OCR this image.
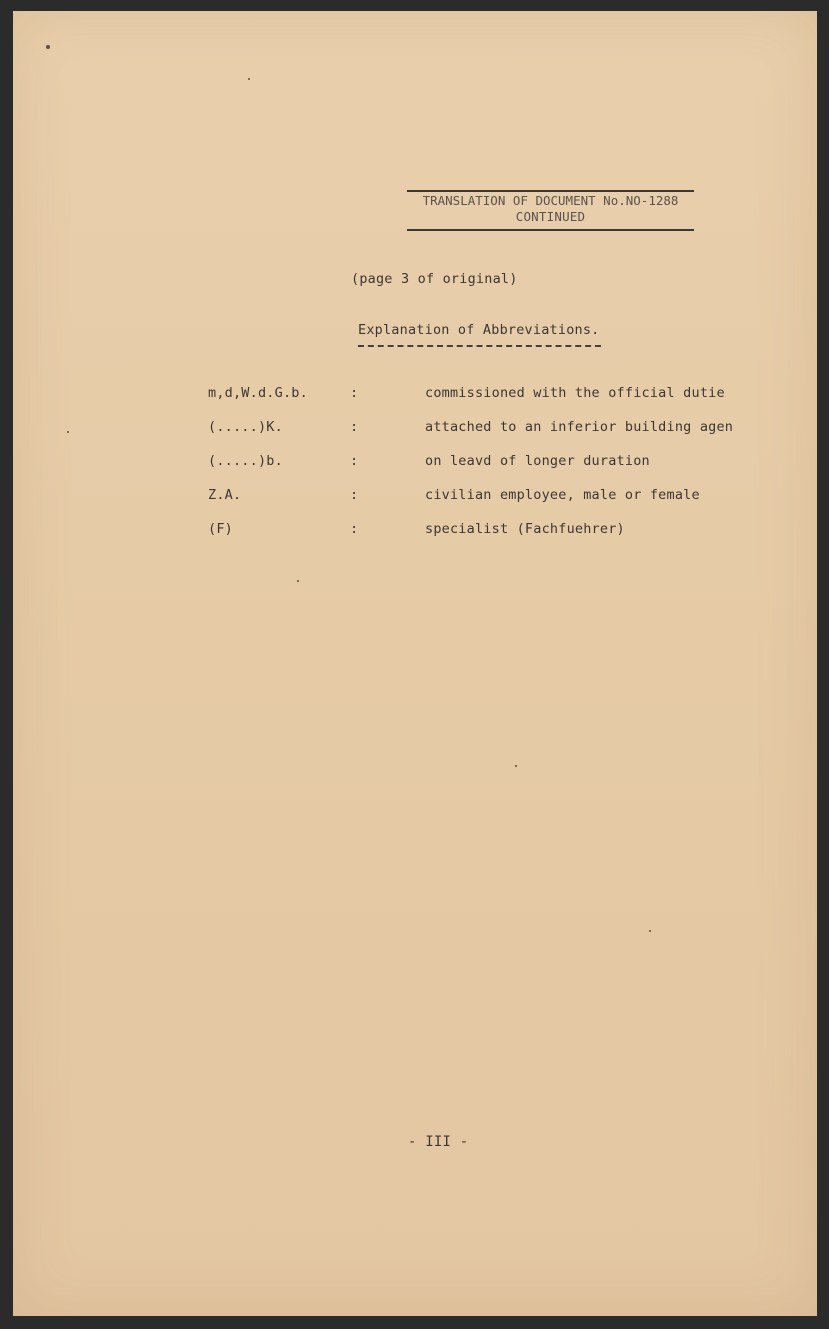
TRANSLATION OF DOCUMENT No.NO-1288
CONTINUED
(page 3 of original)
Explanation of Abbreviations.
m,d,W.d.G.b.	:	commissioned with the official dutie
(.....)K.	:	attached to an inferior building agen
(.....)b.	:	on leavd of longer duration
Z.A.	:	civilian employee, male or female
(F)	:	specialist (Fachfuehrer)
- III -
